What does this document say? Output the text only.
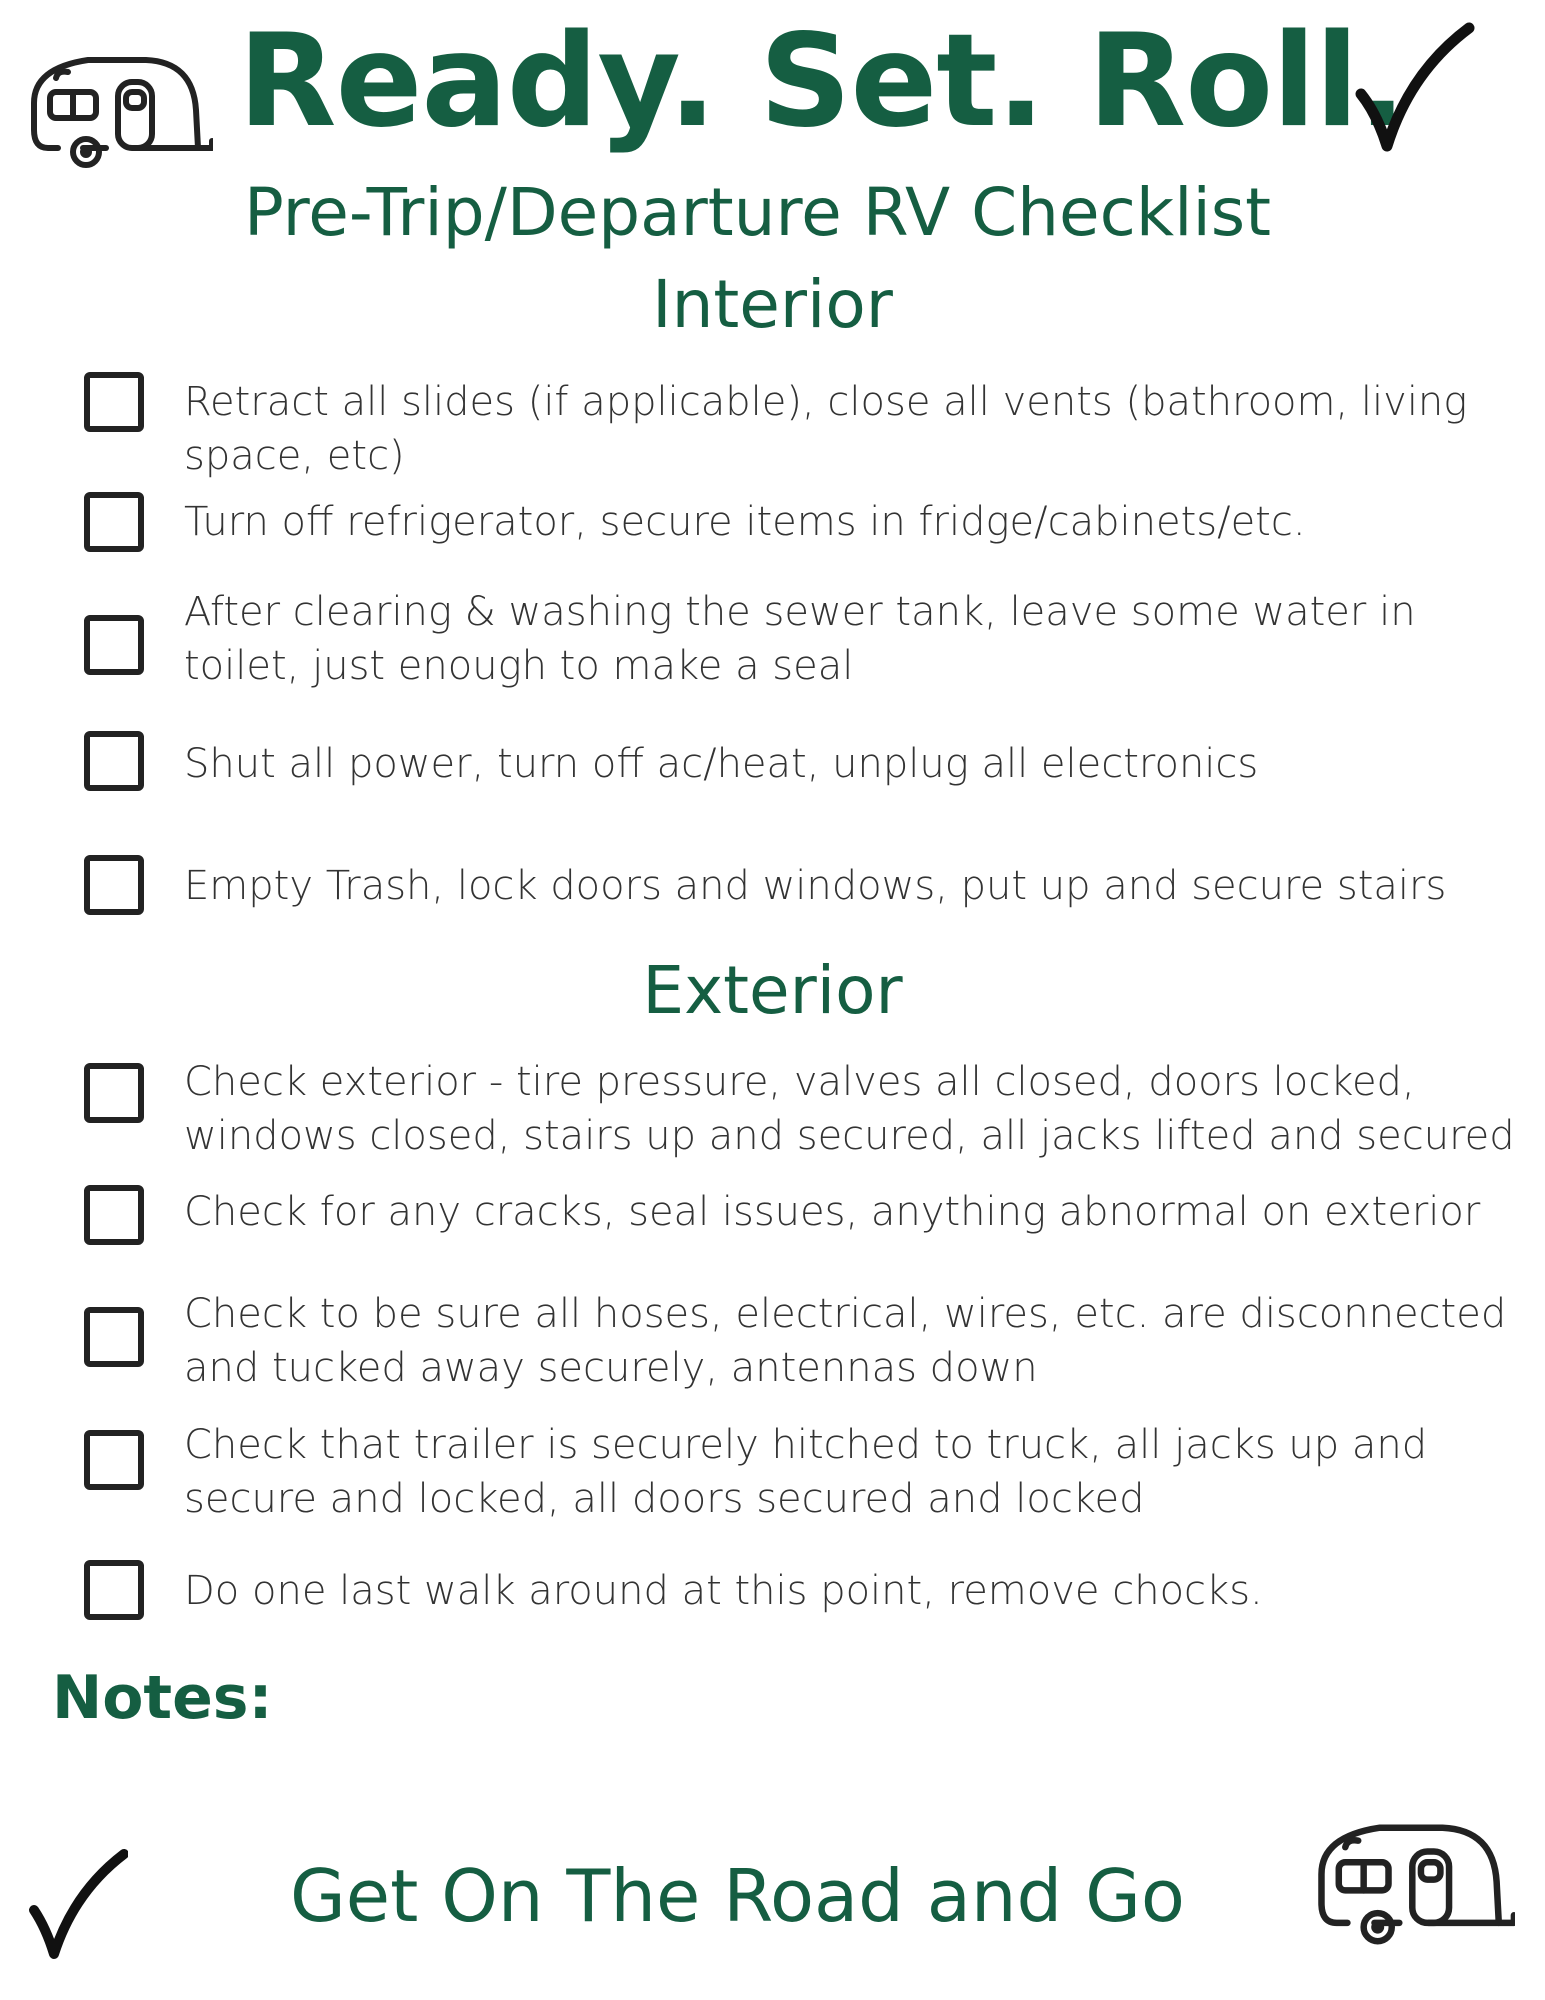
Ready. Set. Roll.
Pre-Trip/Departure RV Checklist
Interior
Retract all slides (if applicable), close all vents (bathroom, living space, etc)
Turn off refrigerator, secure items in fridge/cabinets/etc.
After clearing & washing the sewer tank, leave some water in toilet, just enough to make a seal
Shut all power, turn off ac/heat, unplug all electronics
Empty Trash, lock doors and windows, put up and secure stairs
Exterior
Check exterior - tire pressure, valves all closed, doors locked, windows closed, stairs up and secured, all jacks lifted and secured
Check for any cracks, seal issues, anything abnormal on exterior
Check to be sure all hoses, electrical, wires, etc. are disconnected and tucked away securely, antennas down
Check that trailer is securely hitched to truck, all jacks up and secure and locked, all doors secured and locked
Do one last walk around at this point, remove chocks.
Notes:
Get On The Road and Go
